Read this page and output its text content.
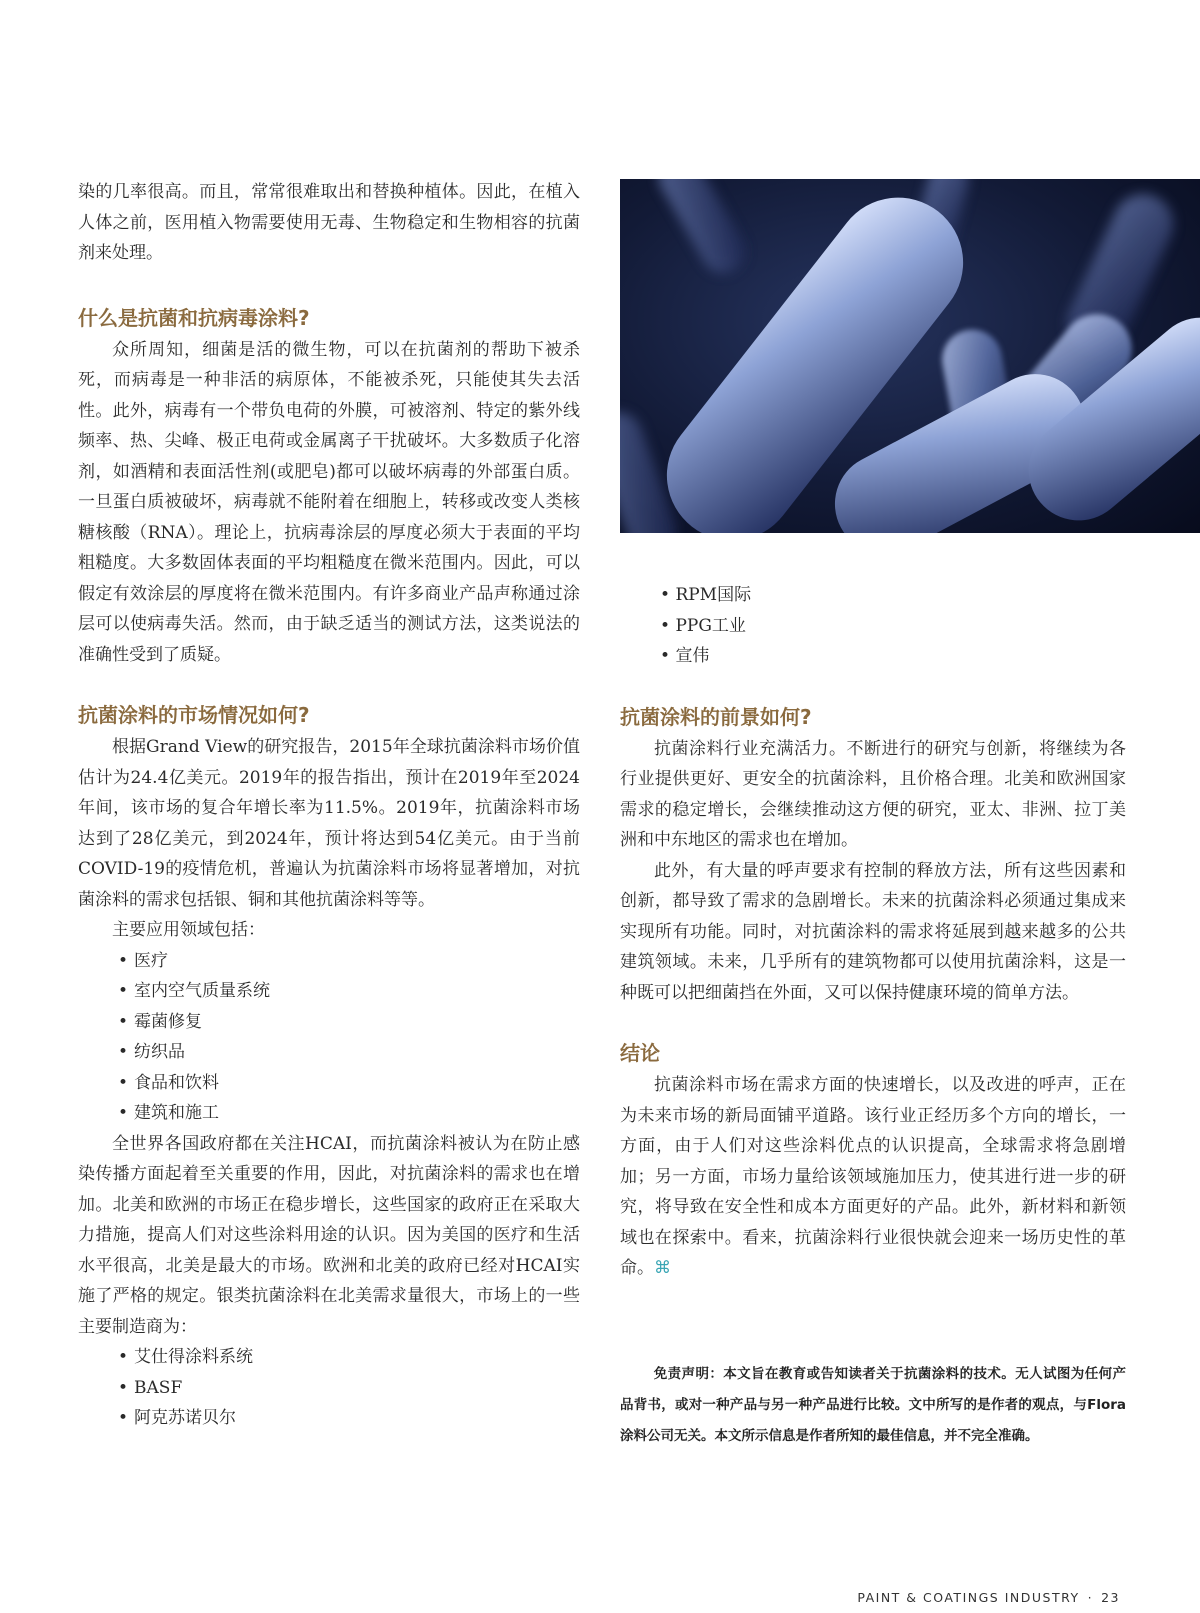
染的几率很高。而且，常常很难取出和替换种植体。因此，在植入人体之前，医用植入物需要使用无毒、生物稳定和生物相容的抗菌剂来处理。

什么是抗菌和抗病毒涂料?

众所周知，细菌是活的微生物，可以在抗菌剂的帮助下被杀死，而病毒是一种非活的病原体，不能被杀死，只能使其失去活性。此外，病毒有一个带负电荷的外膜，可被溶剂、特定的紫外线频率、热、尖峰、极正电荷或金属离子干扰破坏。大多数质子化溶剂，如酒精和表面活性剂(或肥皂)都可以破坏病毒的外部蛋白质。一旦蛋白质被破坏，病毒就不能附着在细胞上，转移或改变人类核糖核酸（RNA）。理论上，抗病毒涂层的厚度必须大于表面的平均粗糙度。大多数固体表面的平均粗糙度在微米范围内。因此，可以假定有效涂层的厚度将在微米范围内。有许多商业产品声称通过涂层可以使病毒失活。然而，由于缺乏适当的测试方法，这类说法的准确性受到了质疑。

抗菌涂料的市场情况如何?

根据Grand View的研究报告，2015年全球抗菌涂料市场价值估计为24.4亿美元。2019年的报告指出，预计在2019年至2024年间，该市场的复合年增长率为11.5%。2019年，抗菌涂料市场达到了28亿美元，到2024年，预计将达到54亿美元。由于当前COVID-19的疫情危机，普遍认为抗菌涂料市场将显著增加，对抗菌涂料的需求包括银、铜和其他抗菌涂料等等。

主要应用领域包括：

• 医疗
• 室内空气质量系统
• 霉菌修复
• 纺织品
• 食品和饮料
• 建筑和施工

全世界各国政府都在关注HCAI，而抗菌涂料被认为在防止感染传播方面起着至关重要的作用，因此，对抗菌涂料的需求也在增加。北美和欧洲的市场正在稳步增长，这些国家的政府正在采取大力措施，提高人们对这些涂料用途的认识。因为美国的医疗和生活水平很高，北美是最大的市场。欧洲和北美的政府已经对HCAI实施了严格的规定。银类抗菌涂料在北美需求量很大，市场上的一些主要制造商为：

• 艾仕得涂料系统
• BASF
• 阿克苏诺贝尔
• RPM国际
• PPG工业
• 宣伟
抗菌涂料的前景如何?

抗菌涂料行业充满活力。不断进行的研究与创新，将继续为各行业提供更好、更安全的抗菌涂料，且价格合理。北美和欧洲国家需求的稳定增长，会继续推动这方便的研究，亚太、非洲、拉丁美洲和中东地区的需求也在增加。

此外，有大量的呼声要求有控制的释放方法，所有这些因素和创新，都导致了需求的急剧增长。未来的抗菌涂料必须通过集成来实现所有功能。同时，对抗菌涂料的需求将延展到越来越多的公共建筑领域。未来，几乎所有的建筑物都可以使用抗菌涂料，这是一种既可以把细菌挡在外面，又可以保持健康环境的简单方法。

结论

抗菌涂料市场在需求方面的快速增长，以及改进的呼声，正在为未来市场的新局面铺平道路。该行业正经历多个方向的增长，一方面，由于人们对这些涂料优点的认识提高，全球需求将急剧增加；另一方面，市场力量给该领域施加压力，使其进行进一步的研究，将导致在安全性和成本方面更好的产品。此外，新材料和新领域也在探索中。看来，抗菌涂料行业很快就会迎来一场历史性的革命。⌘

免责声明：本文旨在教育或告知读者关于抗菌涂料的技术。无人试图为任何产品背书，或对一种产品与另一种产品进行比较。文中所写的是作者的观点，与Flora涂料公司无关。本文所示信息是作者所知的最佳信息，并不完全准确。

PAINT & COATINGS INDUSTRY · 23
